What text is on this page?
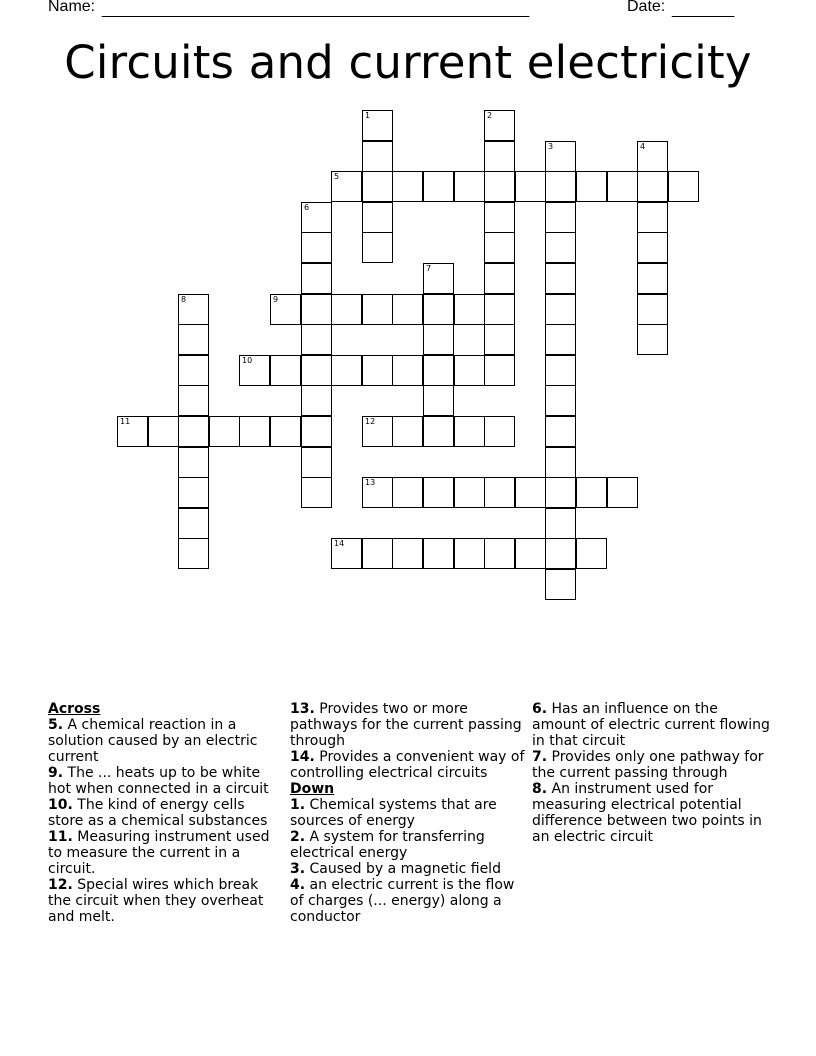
Name: ________________________________________________	Date: _______
Circuits and current electricity
1	2
3	4
5
6
7
8	9
10
11	12
13
14
Across
5. A chemical reaction in a solution caused by an electric current
9. The ... heats up to be white hot when connected in a circuit
10. The kind of energy cells store as a chemical substances
11. Measuring instrument used to measure the current in a circuit.
12. Special wires which break the circuit when they overheat and melt.
13. Provides two or more pathways for the current passing through
14. Provides a convenient way of controlling electrical circuits
Down
1. Chemical systems that are sources of energy
2. A system for transferring electrical energy
3. Caused by a magnetic field
4. an electric current is the flow of charges (... energy) along a conductor
6. Has an influence on the amount of electric current flowing in that circuit
7. Provides only one pathway for the current passing through
8. An instrument used for measuring electrical potential difference between two points in an electric circuit
